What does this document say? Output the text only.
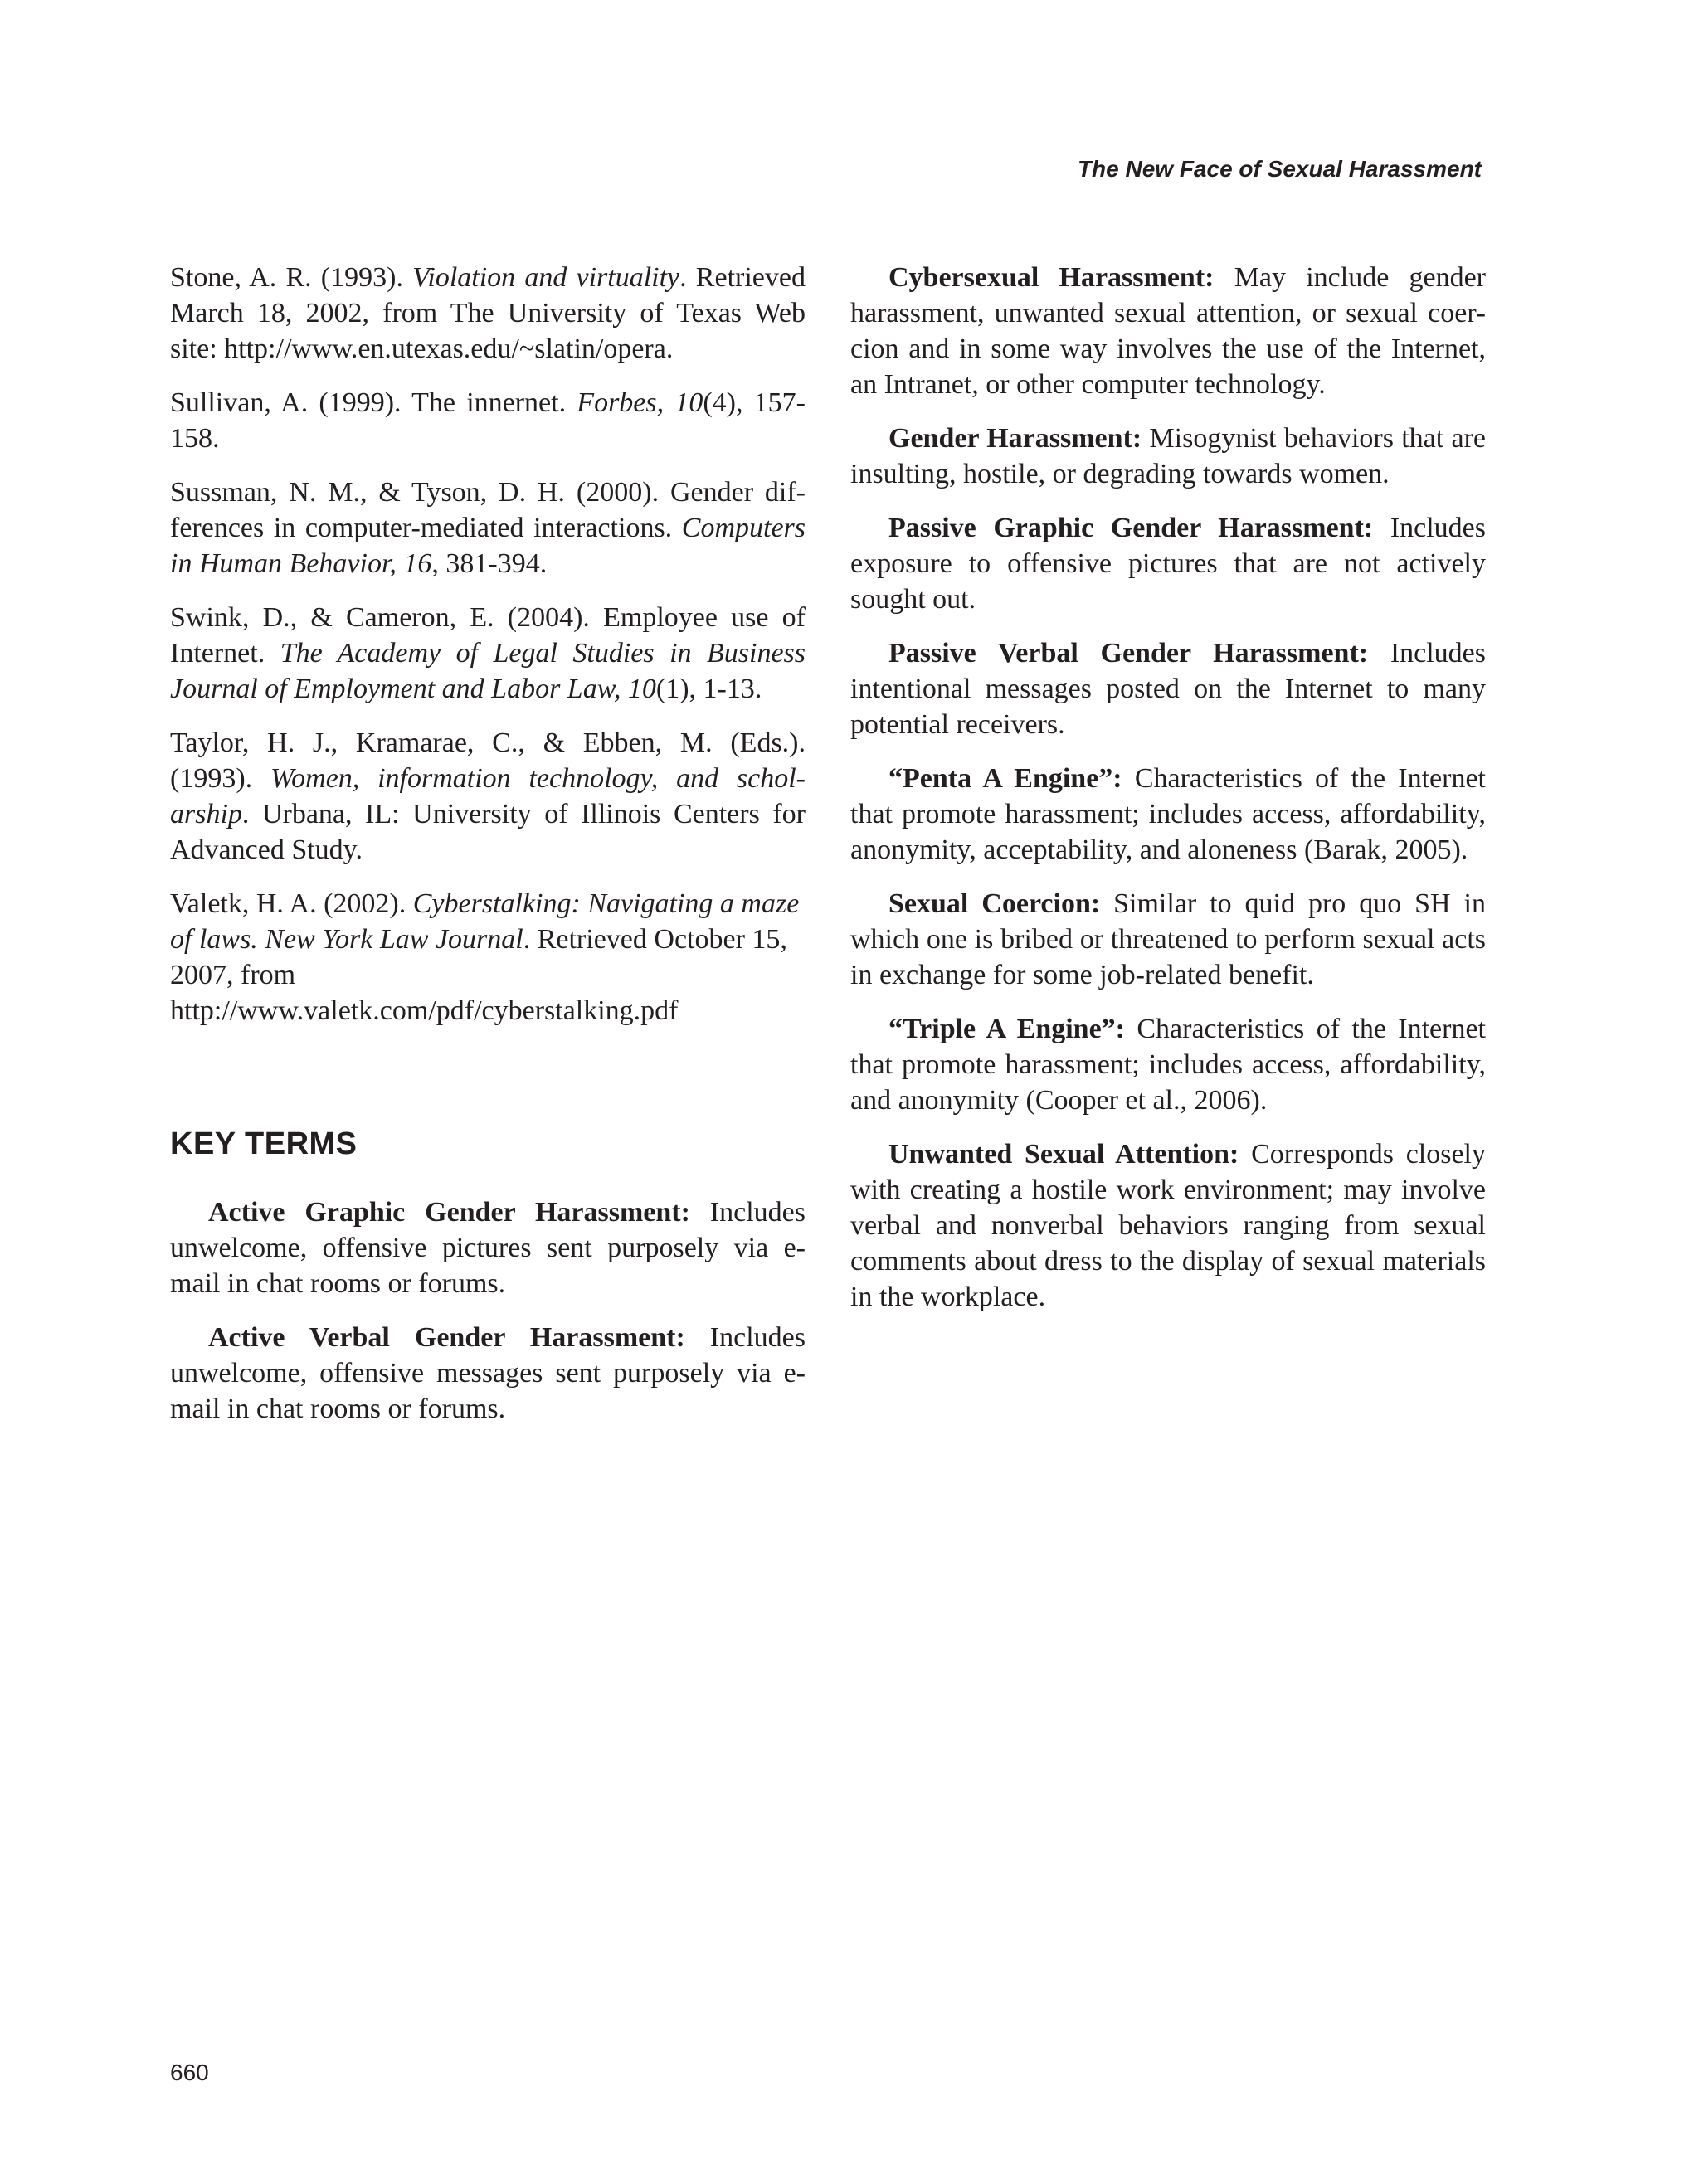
The New Face of Sexual Harassment

Stone, A. R. (1993). Violation and virtuality. Retrieved March 18, 2002, from The University of Texas Web site: http://www.en.utexas.edu/~slatin/opera.

Sullivan, A. (1999). The innernet. Forbes, 10(4), 157-158.

Sussman, N. M., & Tyson, D. H. (2000). Gender differences in computer-mediated interactions. Computers in Human Behavior, 16, 381-394.

Swink, D., & Cameron, E. (2004). Employee use of Internet. The Academy of Legal Studies in Business Journal of Employment and Labor Law, 10(1), 1-13.

Taylor, H. J., Kramarae, C., & Ebben, M. (Eds.). (1993). Women, information technology, and scholarship. Urbana, IL: University of Illinois Centers for Advanced Study.

Valetk, H. A. (2002). Cyberstalking: Navigating a maze of laws. New York Law Journal. Retrieved October 15, 2007, from http://www.valetk.com/pdf/cyberstalking.pdf

KEY TERMS

Active Graphic Gender Harassment: Includes unwelcome, offensive pictures sent purposely via e-mail in chat rooms or forums.

Active Verbal Gender Harassment: Includes unwelcome, offensive messages sent purposely via e-mail in chat rooms or forums.

Cybersexual Harassment: May include gender harassment, unwanted sexual attention, or sexual coercion and in some way involves the use of the Internet, an Intranet, or other computer technology.

Gender Harassment: Misogynist behaviors that are insulting, hostile, or degrading towards women.

Passive Graphic Gender Harassment: Includes exposure to offensive pictures that are not actively sought out.

Passive Verbal Gender Harassment: Includes intentional messages posted on the Internet to many potential receivers.

“Penta A Engine”: Characteristics of the Internet that promote harassment; includes access, affordability, anonymity, acceptability, and aloneness (Barak, 2005).

Sexual Coercion: Similar to quid pro quo SH in which one is bribed or threatened to perform sexual acts in exchange for some job-related benefit.

“Triple A Engine”: Characteristics of the Internet that promote harassment; includes access, affordability, and anonymity (Cooper et al., 2006).

Unwanted Sexual Attention: Corresponds closely with creating a hostile work environment; may involve verbal and nonverbal behaviors ranging from sexual comments about dress to the display of sexual materials in the workplace.

660
